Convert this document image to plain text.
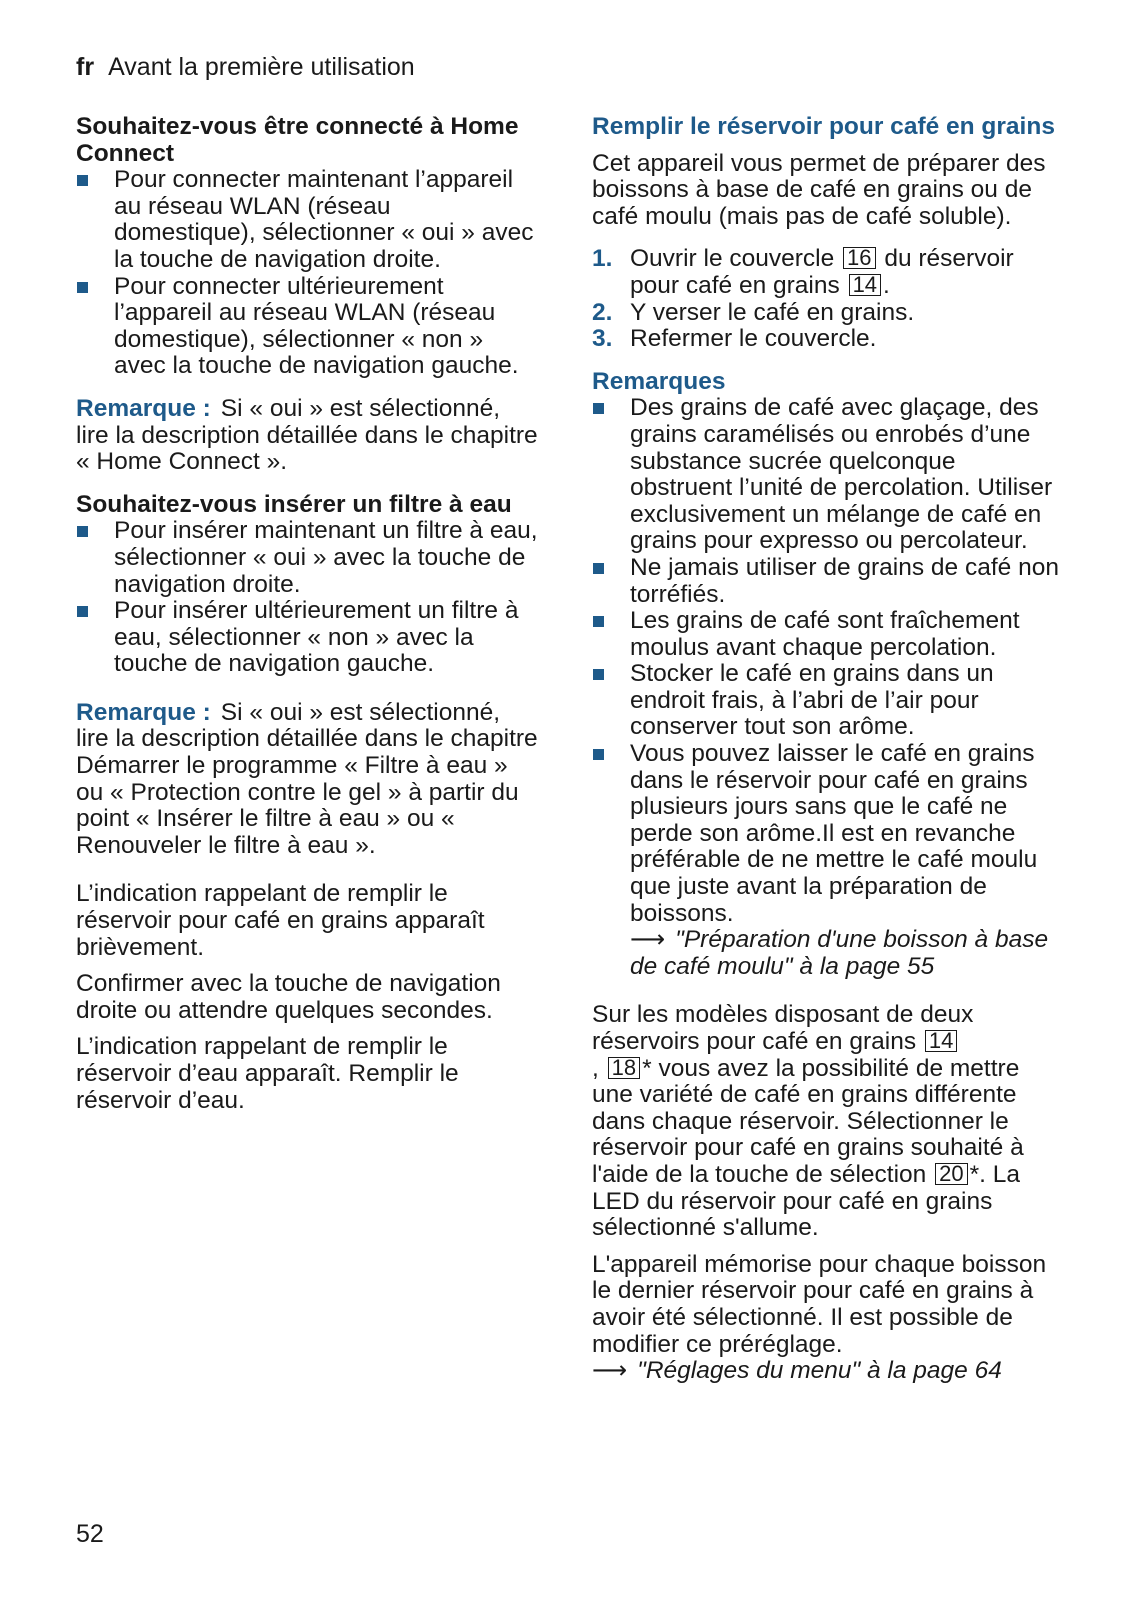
fr Avant la première utilisation
Souhaitez-vous être connecté à Home Connect
Pour connecter maintenant l’appareil au réseau WLAN (réseau domestique), sélectionner « oui » avec la touche de navigation droite.
Pour connecter ultérieurement l’appareil au réseau WLAN (réseau domestique), sélectionner « non » avec la touche de navigation gauche.

Remarque : Si « oui » est sélectionné, lire la description détaillée dans le chapitre « Home Connect ».

Souhaitez-vous insérer un filtre à eau
Pour insérer maintenant un filtre à eau, sélectionner « oui » avec la touche de navigation droite.
Pour insérer ultérieurement un filtre à eau, sélectionner « non » avec la touche de navigation gauche.

Remarque : Si « oui » est sélectionné, lire la description détaillée dans le chapitre Démarrer le programme « Filtre à eau » ou « Protection contre le gel » à partir du point « Insérer le filtre à eau » ou « Renouveler le filtre à eau ».

L’indication rappelant de remplir le réservoir pour café en grains apparaît brièvement.

Confirmer avec la touche de navigation droite ou attendre quelques secondes.

L’indication rappelant de remplir le réservoir d’eau apparaît. Remplir le réservoir d’eau.

Remplir le réservoir pour café en grains

Cet appareil vous permet de préparer des boissons à base de café en grains ou de café moulu (mais pas de café soluble).

1. Ouvrir le couvercle 16 du réservoir pour café en grains 14 .
2. Y verser le café en grains.
3. Refermer le couvercle.
Remarques
Des grains de café avec glaçage, des grains caramélisés ou enrobés d’une substance sucrée quelconque obstruent l’unité de percolation. Utiliser exclusivement un mélange de café en grains pour expresso ou percolateur.
Ne jamais utiliser de grains de café non torréfiés.
Les grains de café sont fraîchement moulus avant chaque percolation.
Stocker le café en grains dans un endroit frais, à l’abri de l’air pour conserver tout son arôme.
Vous pouvez laisser le café en grains dans le réservoir pour café en grains plusieurs jours sans que le café ne perde son arôme.Il est en revanche préférable de ne mettre le café moulu que juste avant la préparation de boissons.
⟶ "Préparation d'une boisson à base de café moulu" à la page 55

Sur les modèles disposant de deux réservoirs pour café en grains 14
, 18 * vous avez la possibilité de mettre une variété de café en grains différente dans chaque réservoir. Sélectionner le réservoir pour café en grains souhaité à l'aide de la touche de sélection 20 *. La LED du réservoir pour café en grains sélectionné s'allume.

L'appareil mémorise pour chaque boisson le dernier réservoir pour café en grains à avoir été sélectionné. Il est possible de modifier ce préréglage.
⟶ "Réglages du menu" à la page 64

52
